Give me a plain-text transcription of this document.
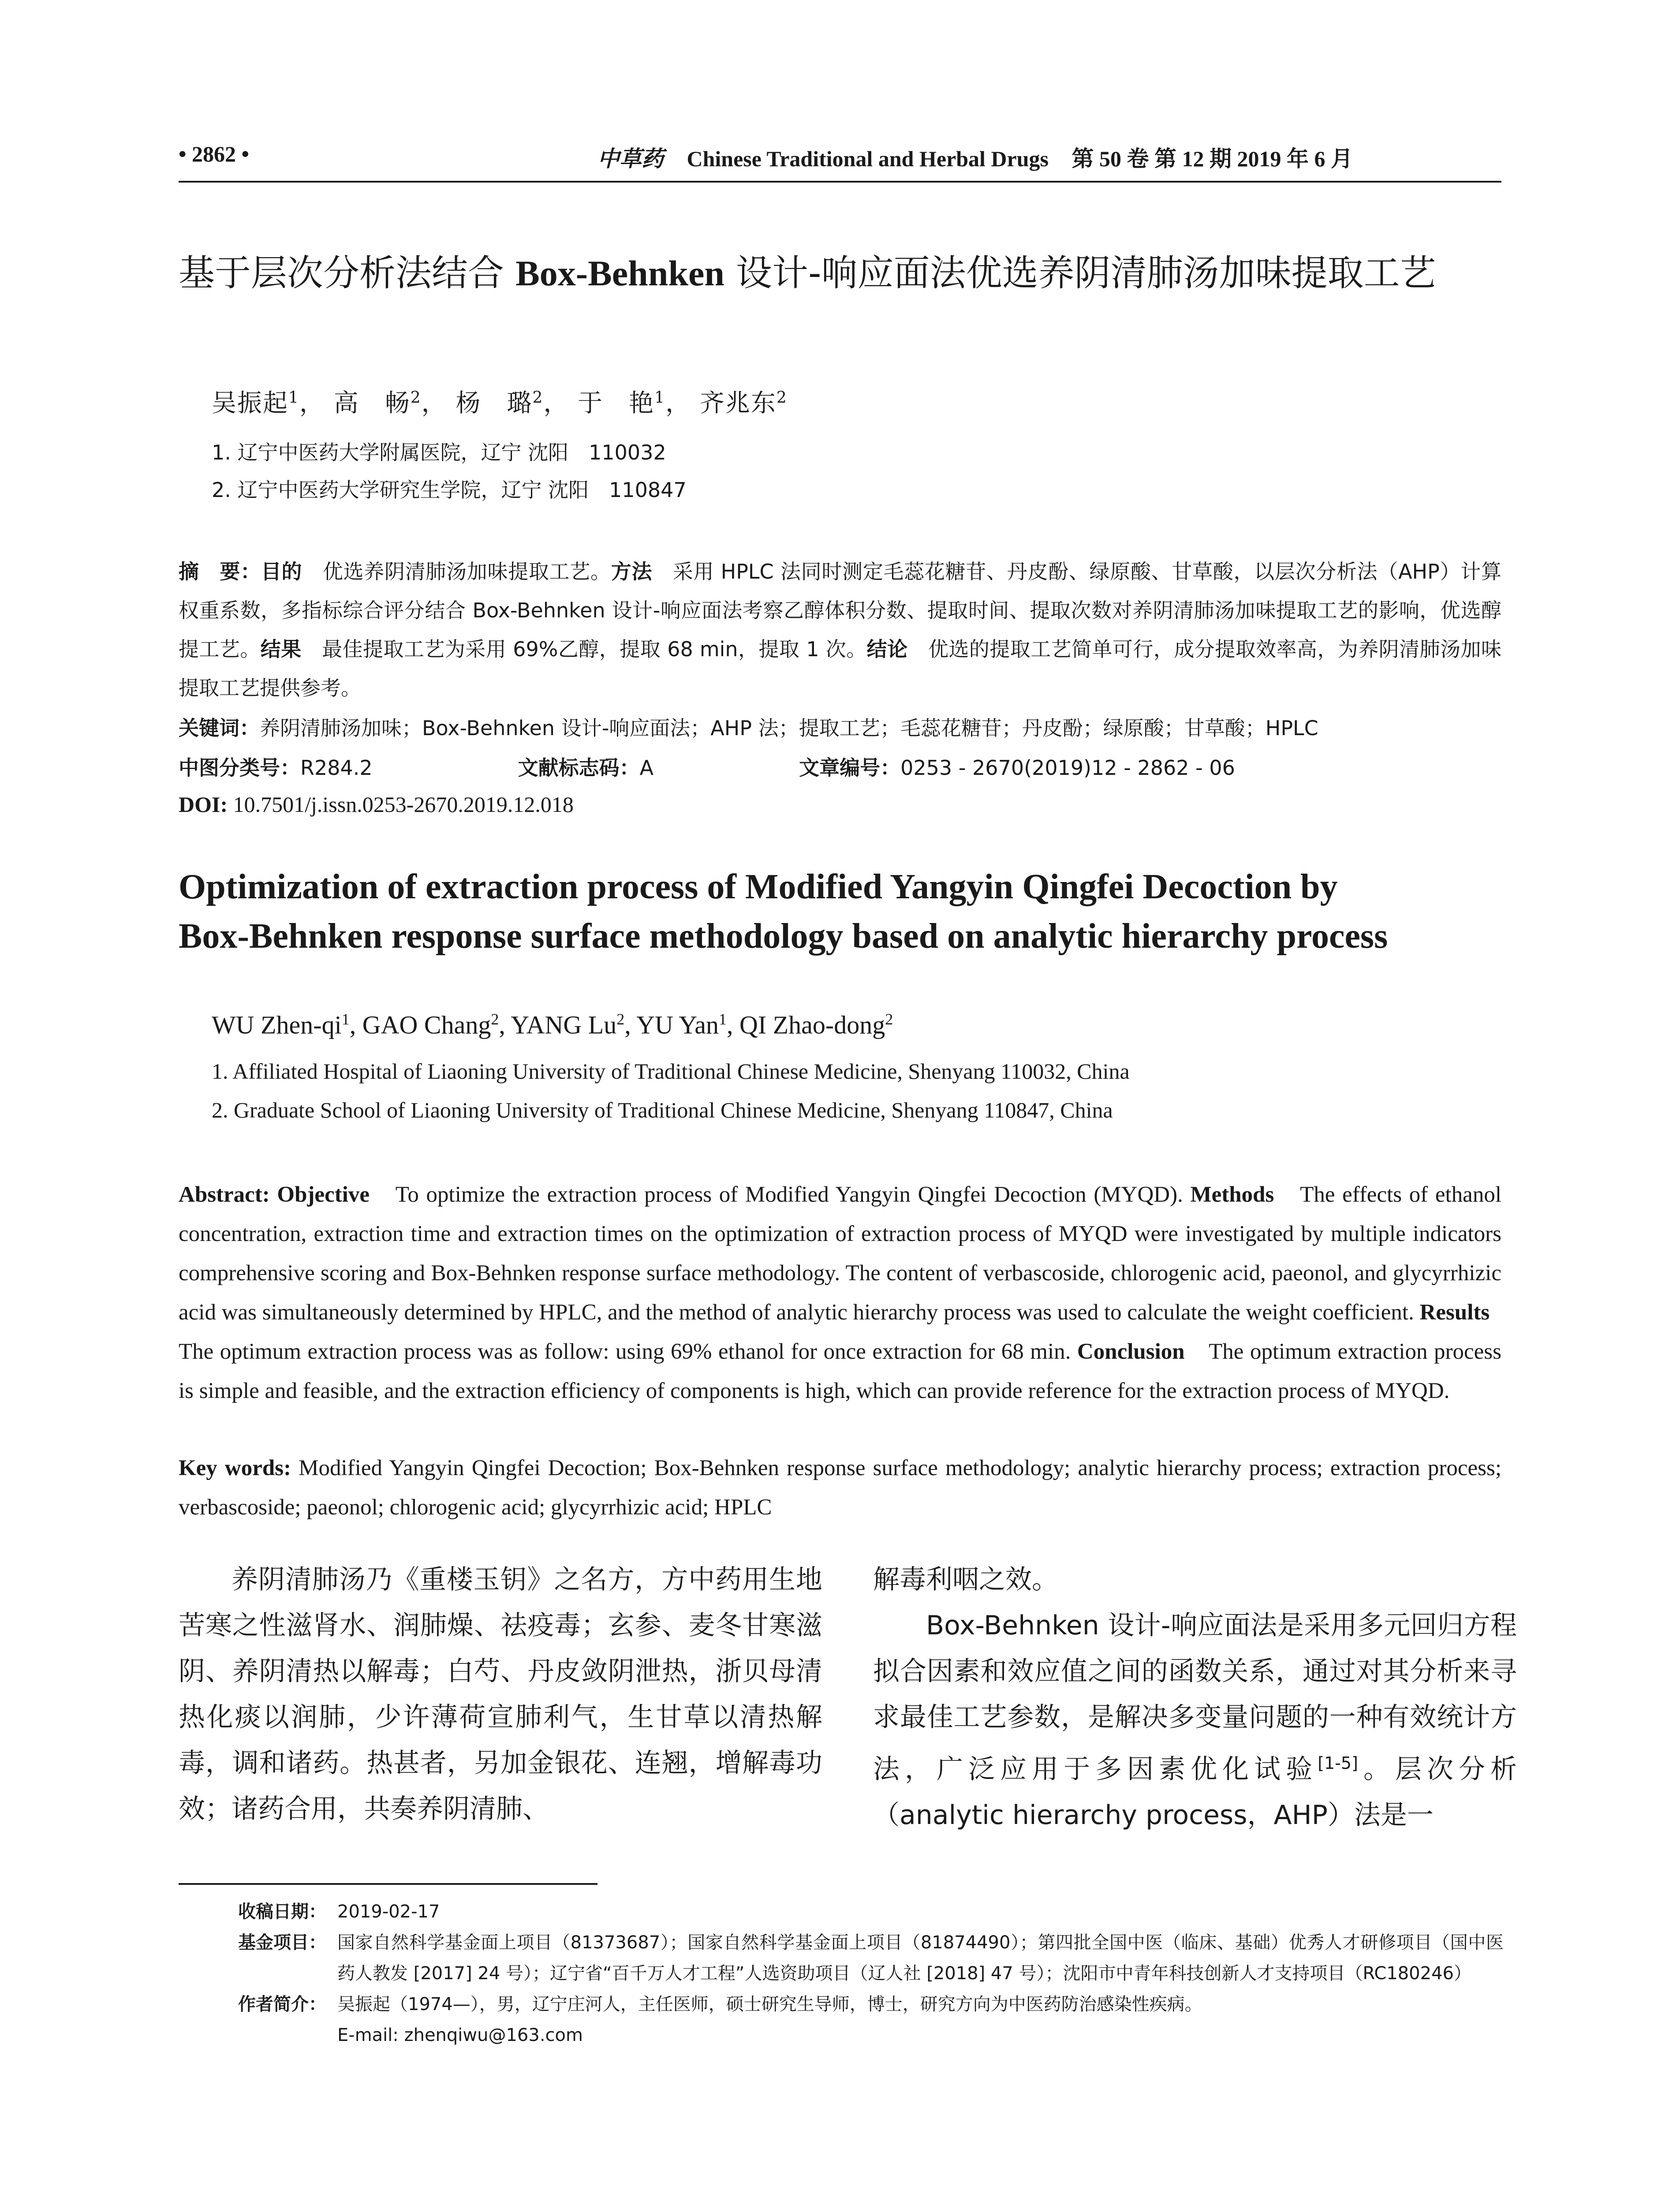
• 2862 •	中草药 Chinese Traditional and Herbal Drugs 第 50 卷 第 12 期 2019 年 6 月
基于层次分析法结合 Box-Behnken 设计-响应面法优选养阴清肺汤加味提取工艺
吴振起$^1$， 高　畅$^2$， 杨　璐$^2$， 于　艳$^1$， 齐兆东$^2$
1. 辽宁中医药大学附属医院，辽宁 沈阳　110032
2. 辽宁中医药大学研究生学院，辽宁 沈阳　110847
摘　要：目的　优选养阴清肺汤加味提取工艺。方法　采用 HPLC 法同时测定毛蕊花糖苷、丹皮酚、绿原酸、甘草酸，以层次分析法（AHP）计算权重系数，多指标综合评分结合 Box-Behnken 设计-响应面法考察乙醇体积分数、提取时间、提取次数对养阴清肺汤加味提取工艺的影响，优选醇提工艺。结果　最佳提取工艺为采用 69%乙醇，提取 68 min，提取 1 次。结论　优选的提取工艺简单可行，成分提取效率高，为养阴清肺汤加味提取工艺提供参考。
关键词：养阴清肺汤加味；Box-Behnken 设计-响应面法；AHP 法；提取工艺；毛蕊花糖苷；丹皮酚；绿原酸；甘草酸；HPLC
中图分类号：R284.2	文献标志码：A	文章编号：0253 - 2670(2019)12 - 2862 - 06
DOI: 10.7501/j.issn.0253-2670.2019.12.018
Optimization of extraction process of Modified Yangyin Qingfei Decoction by
Box-Behnken response surface methodology based on analytic hierarchy process
WU Zhen-$qi^1$, GAO Chang$^2$, YANG Lu$^2$, YU Yan$^1$, QI Zhao-dong$^2$
1. Affiliated Hospital of Liaoning University of Traditional Chinese Medicine, Shenyang 110032, China
2. Graduate School of Liaoning University of Traditional Chinese Medicine, Shenyang 110847, China
Abstract: Objective　To optimize the extraction process of Modified Yangyin Qingfei Decoction (MYQD). Methods　The effects of ethanol concentration, extraction time and extraction times on the optimization of extraction process of MYQD were investigated by multiple indicators comprehensive scoring and Box-Behnken response surface methodology. The content of verbascoside, chlorogenic acid, paeonol, and glycyrrhizic acid was simultaneously determined by HPLC, and the method of analytic hierarchy process was used to calculate the weight coefficient. Results　The optimum extraction process was as follow: using 69% ethanol for once extraction for 68 min. Conclusion　The optimum extraction process is simple and feasible, and the extraction efficiency of components is high, which can provide reference for the extraction process of MYQD.
Key words: Modified Yangyin Qingfei Decoction; Box-Behnken response surface methodology; analytic hierarchy process; extraction process; verbascoside; paeonol; chlorogenic acid; glycyrrhizic acid; HPLC

养阴清肺汤乃《重楼玉钥》之名方，方中药用生地苦寒之性滋肾水、润肺燥、祛疫毒；玄参、麦冬甘寒滋阴、养阴清热以解毒；白芍、丹皮敛阴泄热，浙贝母清热化痰以润肺，少许薄荷宣肺利气，生甘草以清热解毒，调和诸药。热甚者，另加金银花、连翘，增解毒功效；诸药合用，共奏养阴清肺、

解毒利咽之效。

Box-Behnken 设计-响应面法是采用多元回归方程拟合因素和效应值之间的函数关系，通过对其分析来寻求最佳工艺参数，是解决多变量问题的一种有效统计方法，广泛应用于多因素优化试验[1-5]。层次分析（analytic hierarchy process，AHP）法是一

收稿日期： 2019-02-17
基金项目： 国家自然科学基金面上项目（81373687）；国家自然科学基金面上项目（81874490）；第四批全国中医（临床、基础）优秀人才研修项目（国中医药人教发 [2017] 24 号）；辽宁省“百千万人才工程”人选资助项目（辽人社 [2018] 47 号）；沈阳市中青年科技创新人才支持项目（RC180246）
作者简介： 吴振起（1974—），男，辽宁庄河人，主任医师，硕士研究生导师，博士，研究方向为中医药防治感染性疾病。
E-mail: zhenqiwu@163.com
